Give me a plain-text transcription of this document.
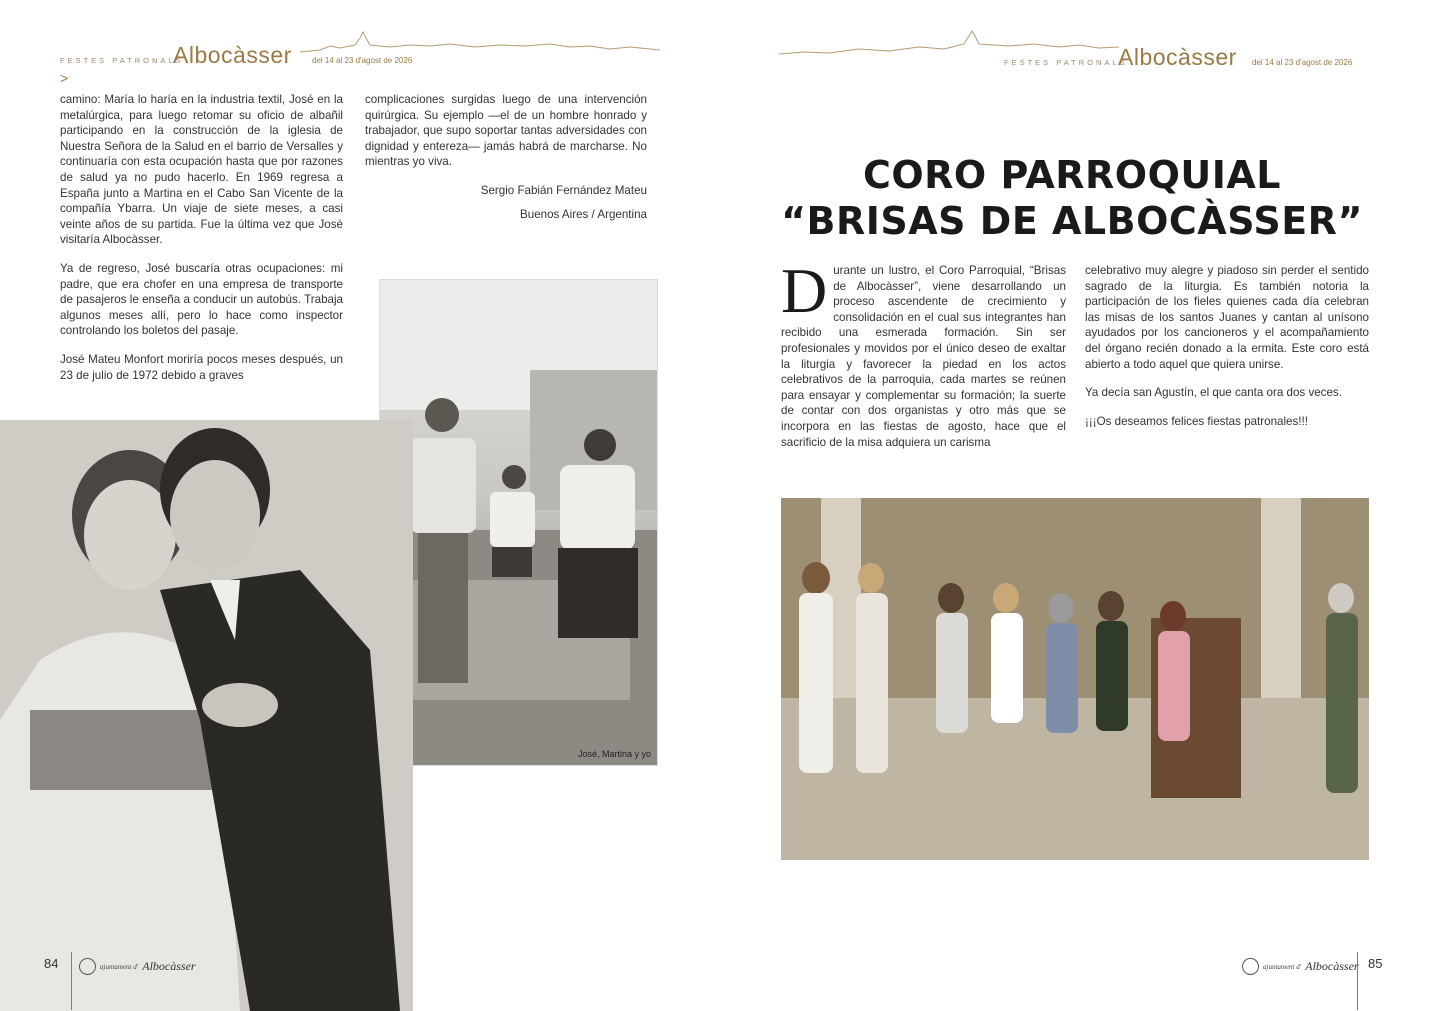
FESTES PATRONALS
Albocàsser	del 14 al 23 d'agost de 2026
>

camino: María lo haría en la industria textil, José en la metalúrgica, para luego retomar su oficio de albañil participando en la construcción de la iglesia de Nuestra Señora de la Salud en el barrio de Versalles y continuaría con esta ocupación hasta que por razones de salud ya no pudo hacerlo. En 1969 regresa a España junto a Martina en el Cabo San Vicente de la compañía Ybarra. Un viaje de siete meses, a casi veinte años de su partida. Fue la última vez que José visitaría Albocàsser.

Ya de regreso, José buscaría otras ocupaciones: mi padre, que era chofer en una empresa de transporte de pasajeros le enseña a conducir un autobús. Trabaja algunos meses allí, pero lo hace como inspector controlando los boletos del pasaje.

José Mateu Monfort moriría pocos meses después, un 23 de julio de 1972 debido a graves

complicaciones surgidas luego de una intervención quirúrgica. Su ejemplo —el de un hombre honrado y trabajador, que supo soportar tantas adversidades con dignidad y entereza— jamás habrá de marcharse. No mientras yo viva.

Sergio Fabián Fernández Mateu
Buenos Aires / Argentina
José, Martina y yo
84	ajuntament d' Albocàsser
FESTES PATRONALS
Albocàsser del 14 al 23 d'agost de 2026
CORO PARROQUIAL
“BRISAS DE ALBOCÀSSER”

Durante un lustro, el Coro Parroquial, “Brisas de Albocàsser”, viene desarrollando un proceso ascendente de crecimiento y consolidación en el cual sus integrantes han recibido una esmerada formación. Sin ser profesionales y movidos por el único deseo de exaltar la liturgia y favorecer la piedad en los actos celebrativos de la parroquia, cada martes se reúnen para ensayar y complementar su formación; la suerte de contar con dos organistas y otro más que se incorpora en las fiestas de agosto, hace que el sacrificio de la misa adquiera un carisma

celebrativo muy alegre y piadoso sin perder el sentido sagrado de la liturgia. Es también notoria la participación de los fieles quienes cada día celebran las misas de los santos Juanes y cantan al unísono ayudados por los cancioneros y el acompañamiento del órgano recién donado a la ermita. Este coro está abierto a todo aquel que quiera unirse.

Ya decía san Agustín, el que canta ora dos veces.

¡¡¡Os deseamos felices fiestas patronales!!!

85
ajuntament d' Albocàsser
